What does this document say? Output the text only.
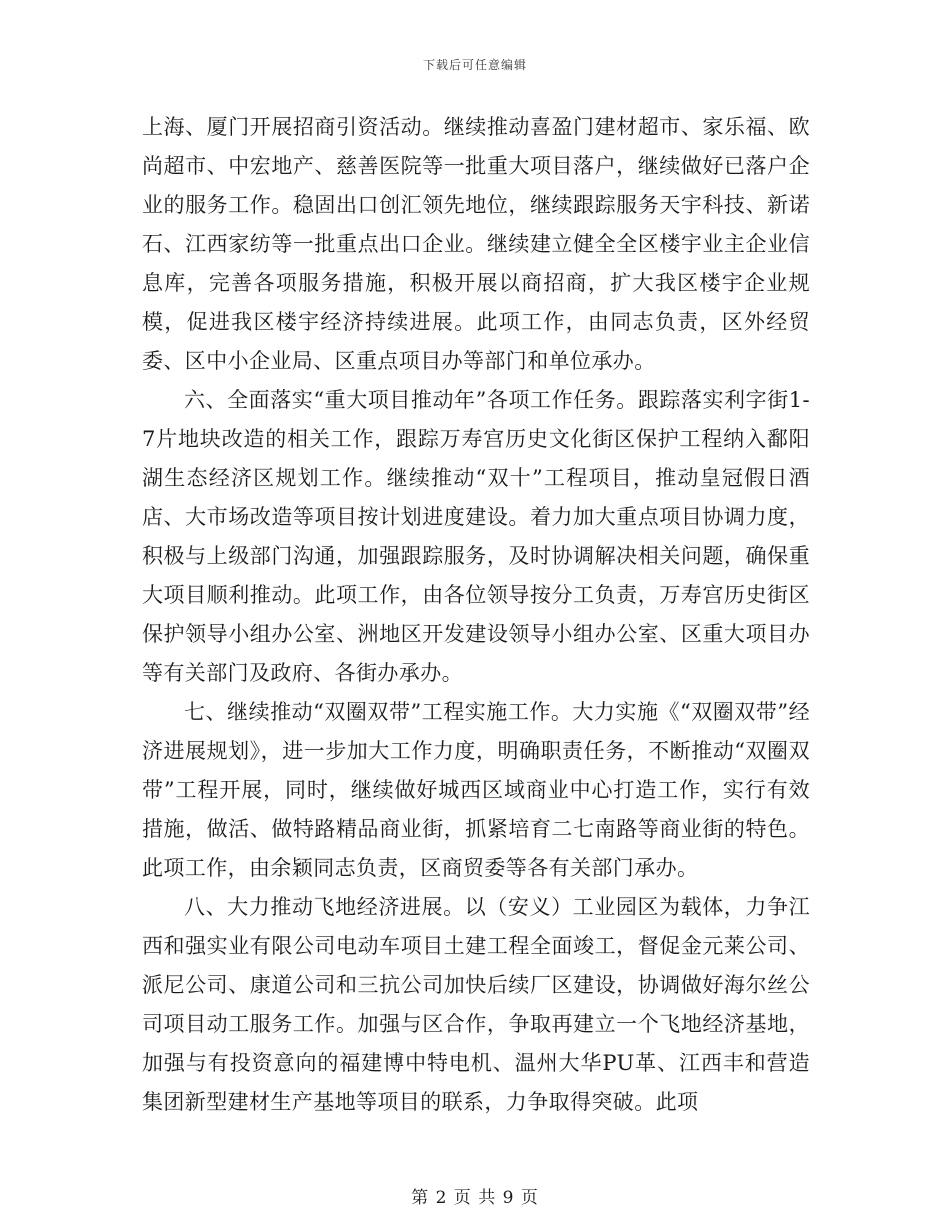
下载后可任意编辑

上海、厦门开展招商引资活动。继续推动喜盈门建材超市、家乐福、欧尚超市、中宏地产、慈善医院等一批重大项目落户，继续做好已落户企业的服务工作。稳固出口创汇领先地位，继续跟踪服务天宇科技、新诺石、江西家纺等一批重点出口企业。继续建立健全全区楼宇业主企业信息库，完善各项服务措施，积极开展以商招商，扩大我区楼宇企业规模，促进我区楼宇经济持续进展。此项工作，由同志负责，区外经贸委、区中小企业局、区重点项目办等部门和单位承办。

六、全面落实“重大项目推动年”各项工作任务。跟踪落实利字街1-7片地块改造的相关工作，跟踪万寿宫历史文化街区保护工程纳入鄱阳湖生态经济区规划工作。继续推动“双十”工程项目，推动皇冠假日酒店、大市场改造等项目按计划进度建设。着力加大重点项目协调力度，积极与上级部门沟通，加强跟踪服务，及时协调解决相关问题，确保重大项目顺利推动。此项工作，由各位领导按分工负责，万寿宫历史街区保护领导小组办公室、洲地区开发建设领导小组办公室、区重大项目办等有关部门及政府、各街办承办。

七、继续推动“双圈双带”工程实施工作。大力实施《“双圈双带”经济进展规划》，进一步加大工作力度，明确职责任务，不断推动“双圈双带”工程开展，同时，继续做好城西区域商业中心打造工作，实行有效措施，做活、做特路精品商业街，抓紧培育二七南路等商业街的特色。此项工作，由余颖同志负责，区商贸委等各有关部门承办。

八、大力推动飞地经济进展。以（安义）工业园区为载体，力争江西和强实业有限公司电动车项目土建工程全面竣工，督促金元莱公司、派尼公司、康道公司和三抗公司加快后续厂区建设，协调做好海尔丝公司项目动工服务工作。加强与区合作，争取再建立一个飞地经济基地，加强与有投资意向的福建博中特电机、温州大华PU革、江西丰和营造集团新型建材生产基地等项目的联系，力争取得突破。此项

第 2 页 共 9 页
